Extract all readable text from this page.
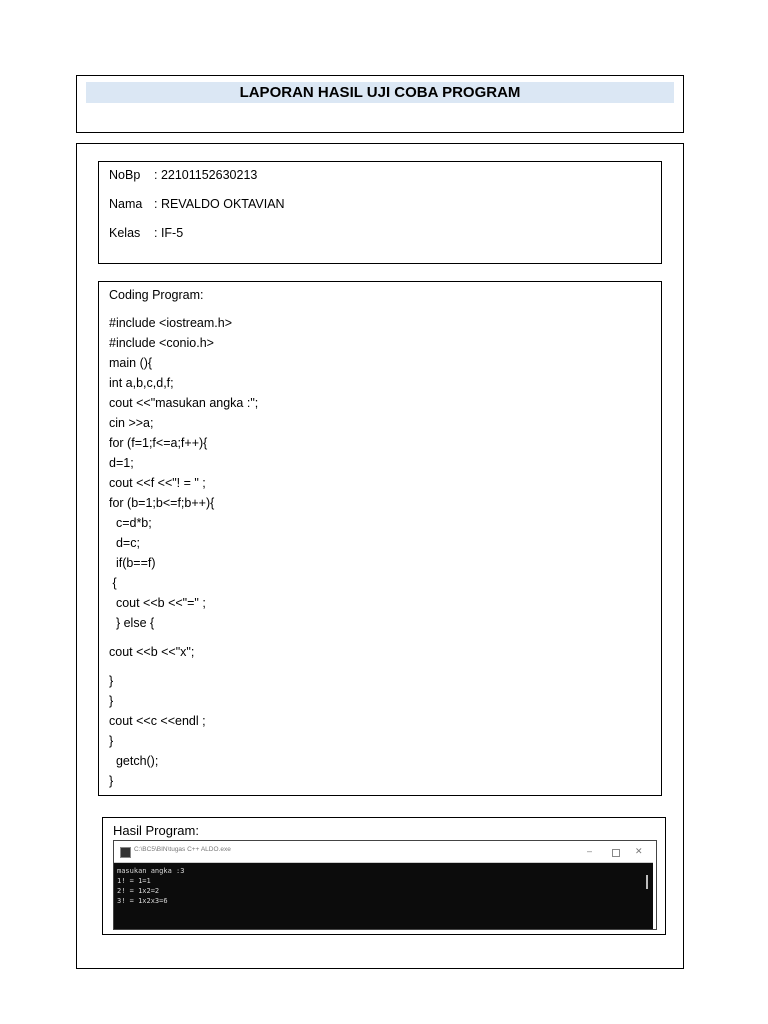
LAPORAN HASIL UJI COBA PROGRAM
NoBp : 22101152630213
Nama : REVALDO OKTAVIAN
Kelas : IF-5
Coding Program:
#include <iostream.h>
#include <conio.h>
main (){
int a,b,c,d,f;
cout <<"masukan angka :";
cin >>a;
for (f=1;f<=a;f++){
d=1;
cout <<f <<"! = " ;
for (b=1;b<=f;b++){
c=d*b;
d=c;
if(b==f)
{
cout <<b <<"=" ;
} else {
cout <<b <<"x";
}
}
cout <<c <<endl ;
}
getch();
}
Hasil Program:
C:\BC5\BIN\tugas C++ ALDO.exe	–	✕
masukan angka :3
1! = 1=1
2! = 1x2=2
3! = 1x2x3=6
